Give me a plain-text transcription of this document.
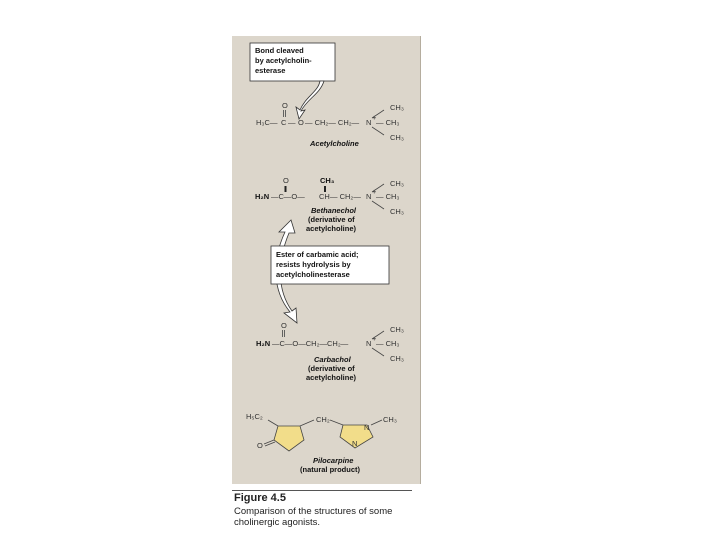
Bond cleaved
by acetylcholin-
esterase
O
H₃C — C — O — CH₂— CH₂— N
+
CH₃
— CH₃
CH₃
Acetylcholine
O	CH₃
H₂N —C—O— CH — CH₂— N
+
CH₃
— CH₃
CH₃
Bethanechol
(derivative of
acetylcholine)
Ester of carbamic acid;
resists hydrolysis by
acetylcholinesterase
O
H₂N —C—O—CH₂—CH₂— N
+
CH₃
— CH₃
CH₃
Carbachol
(derivative of
acetylcholine)
H₅C₂
O
CH₂
N
CH₃
N
Pilocarpine
(natural product)
Figure 4.5
Comparison of the structures of some cholinergic agonists.
